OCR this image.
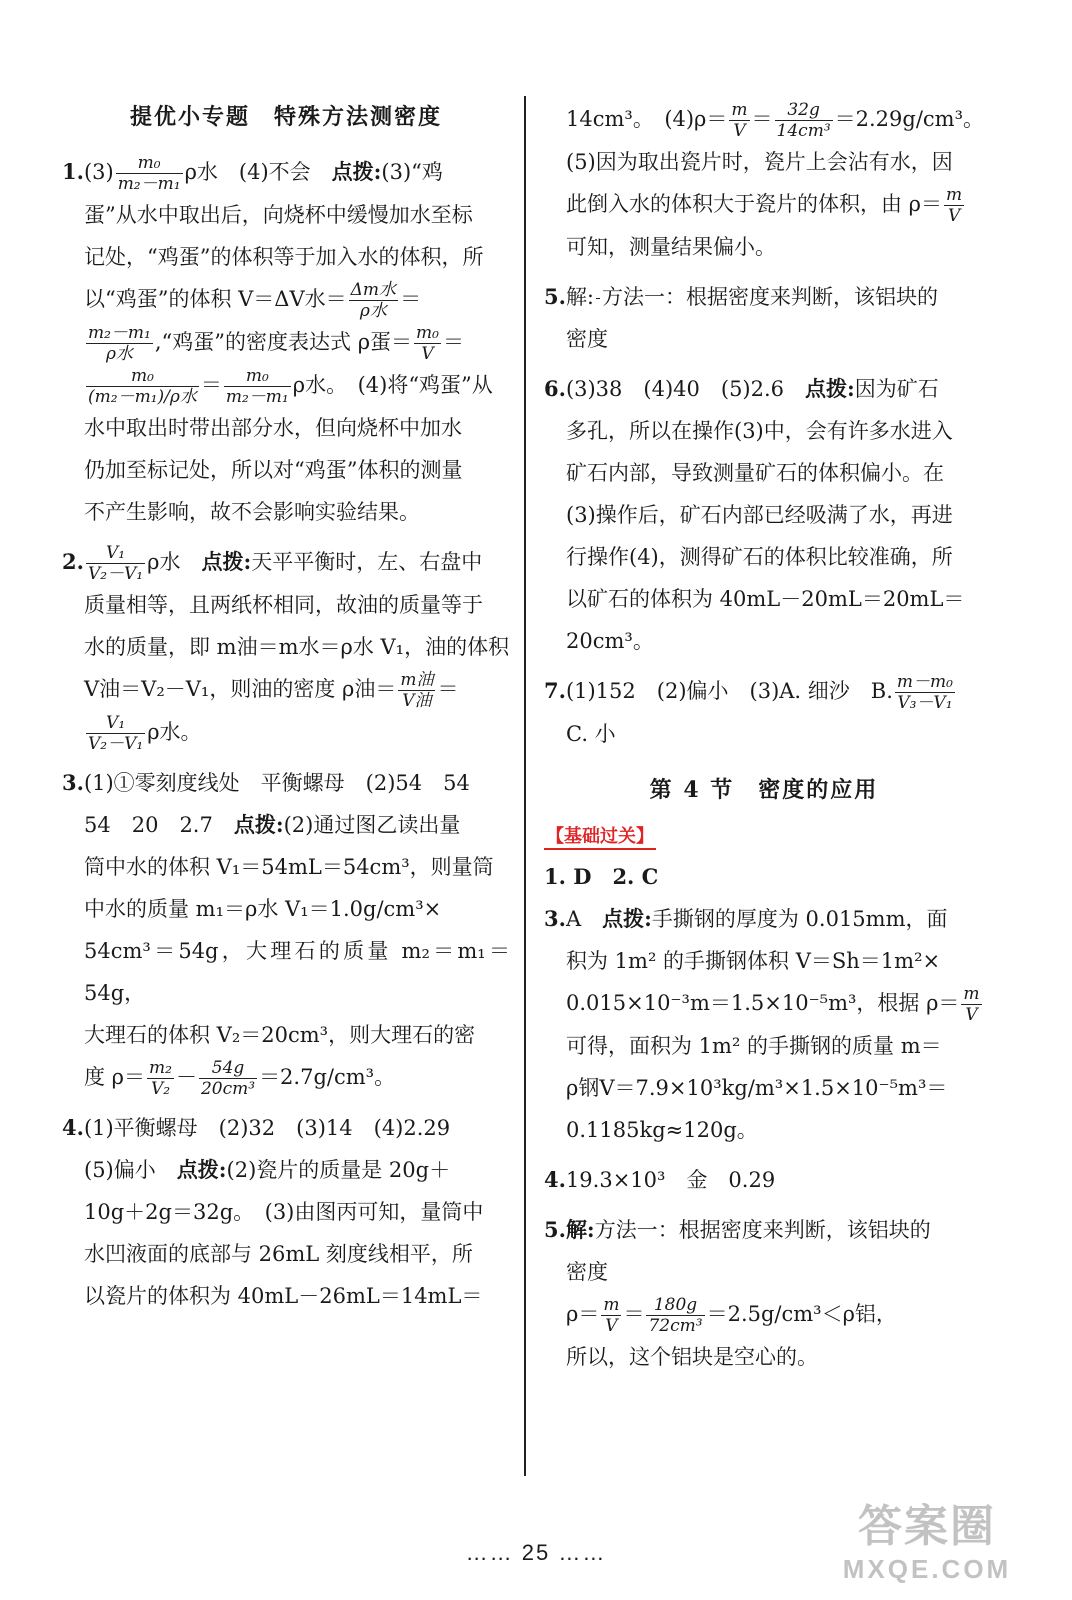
提优小专题　特殊方法测密度
$1.(3) \frac{\text{m₀}}{\text{m₂－m₁}}$ ρ水　(4)不会　 点拨:(3)“鸡
蛋”从水中取出后，向烧杯中缓慢加水至标
记处，“鸡蛋”的体积等于加入水的体积，所
以“鸡蛋”的体积 V＝ΔV水＝ $\frac{\text{Δm水}}{\text{ρ水}}$ ＝
$\frac{\text{m₂－m₁}}{\text{ρ水}}$ ,“鸡蛋”的密度表达式 ρ蛋＝ $\frac{\text{m₀}}{V}$ ＝
$\frac{\text{m₀}}{\text{(m₂－m₁)/ρ水}} = \frac{\text{m₀}}{\text{m₂－m₁}}$ ρ水。　(4)将“鸡蛋”从
水中取出时带出部分水，但向烧杯中加水
仍加至标记处，所以对“鸡蛋”体积的测量
不产生影响，故不会影响实验结果。
2. $\frac{\text{V₁}}{\text{V₂－V₁}}$ ρ水　 点拨:天平平衡时，左、右盘中
质量相等，且两纸杯相同，故油的质量等于
水的质量，即 m油＝m水＝ρ水 V₁，油的体积
V油＝V₂－V₁，则油的密度 ρ油＝ $\frac{\text{m油}}{\text{V油}}$ ＝
$\frac{\text{V₁}}{\text{V₂－V₁}}$ ρ水。
3.(1)①零刻度线处　平衡螺母　(2)54　54
54　20　2.7　点拨:(2)通过图乙读出量
筒中水的体积 V₁＝54mL＝54cm³，则量筒
中水的质量 m₁＝ρ水 V₁＝1.0g/cm³×
54cm³＝54g，大理石的质量 m₂＝m₁＝54g，
大理石的体积 V₂＝20cm³，则大理石的密
度 $\rho= \frac{\text{m₂}}{\text{V₂}} - \frac{54g}{\text{20cm³}} =2.7g/cm^3$。
4.(1)平衡螺母　(2)32　(3)14　(4)2.29
(5)偏小　点拨:(2)瓷片的质量是 20g＋
10g＋2g＝32g。　(3)由图丙可知，量筒中
水凹液面的底部与 26mL 刻度线相平，所
以瓷片的体积为 40mL－26mL＝14mL＝
14cm³。　$(4)\rho= \frac{m}{V} = \frac{32g}{\text{14cm³}} =2.29g/cm^3$。
(5)因为取出瓷片时，瓷片上会沾有水，因
此倒入水的体积大于瓷片的体积，由 $\rho= \frac{m}{V}$
可知，测量结果偏小。
5.解: 方法一：根据密度来判断，该铝块的
密度
6.(3)38　(4)40　(5)2.6　点拨:因为矿石
多孔，所以在操作(3)中，会有许多水进入
矿石内部，导致测量矿石的体积偏小。在
(3)操作后，矿石内部已经吸满了水，再进
行操作(4)，测得矿石的体积比较准确，所
以矿石的体积为 40mL－20mL＝20mL＝
20cm³。
7.(1)152　(2)偏小　(3)A. 细沙　B. $\frac{\text{m－m₀}}{\text{V₃－V₁}}$
C. 小
第 4 节　密度的应用
【基础过关】
1. D　2. C
3.A　点拨:手撕钢的厚度为 0.015mm，面
积为 1m² 的手撕钢体积 V＝Sh＝1m²×
0.015×10⁻³m＝1.5×10⁻⁵m³，根据 $\rho= \frac{m}{V}$
可得，面积为 1m² 的手撕钢的质量 m＝
ρ钢V＝7.9×10³kg/m³×1.5×10⁻⁵m³＝
0.1185kg≈120g。
4.19.3×10³　金　0.29
5.解:方法一：根据密度来判断，该铝块的
密度
$\rho= \frac{m}{V} = \frac{180g}{\text{72cm³}} =2.5g/cm^3<\rho$铝，
所以，这个铝块是空心的。
…… 25 ……
答案圈
MXQE.COM
